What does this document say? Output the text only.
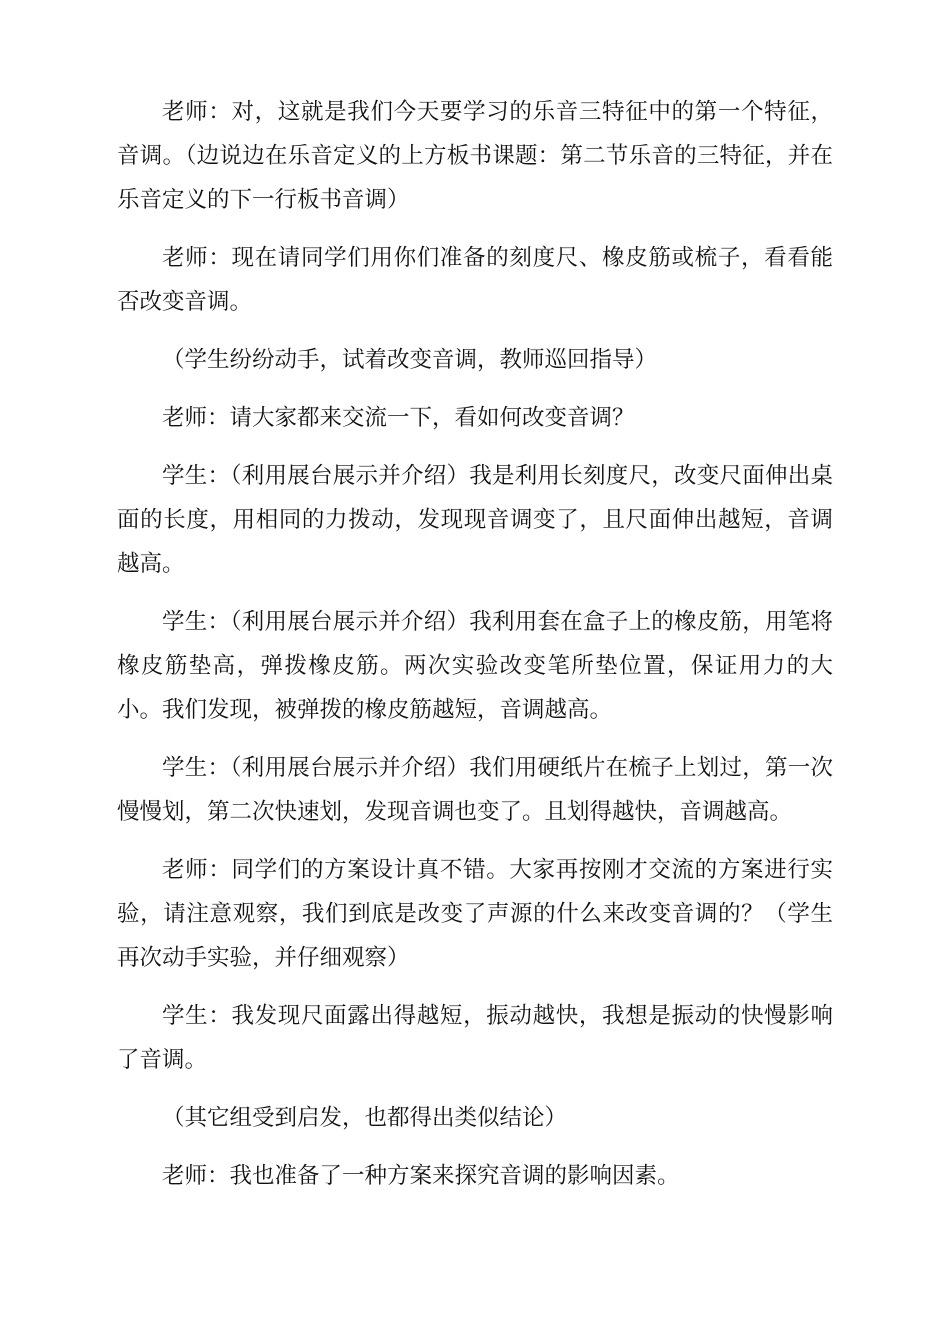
老师：对，这就是我们今天要学习的乐音三特征中的第一个特征，音调。（边说边在乐音定义的上方板书课题：第二节乐音的三特征，并在乐音定义的下一行板书音调）

老师：现在请同学们用你们准备的刻度尺、橡皮筋或梳子，看看能否改变音调。

（学生纷纷动手，试着改变音调，教师巡回指导）

老师：请大家都来交流一下，看如何改变音调？

学生：（利用展台展示并介绍）我是利用长刻度尺，改变尺面伸出桌面的长度，用相同的力拨动，发现现音调变了，且尺面伸出越短，音调越高。

学生：（利用展台展示并介绍）我利用套在盒子上的橡皮筋，用笔将橡皮筋垫高，弹拨橡皮筋。两次实验改变笔所垫位置，保证用力的大小。我们发现，被弹拨的橡皮筋越短，音调越高。

学生：（利用展台展示并介绍）我们用硬纸片在梳子上划过，第一次慢慢划，第二次快速划，发现音调也变了。且划得越快，音调越高。

老师：同学们的方案设计真不错。大家再按刚才交流的方案进行实验，请注意观察，我们到底是改变了声源的什么来改变音调的？（学生再次动手实验，并仔细观察）

学生：我发现尺面露出得越短，振动越快，我想是振动的快慢影响了音调。

（其它组受到启发，也都得出类似结论）

老师：我也准备了一种方案来探究音调的影响因素。
